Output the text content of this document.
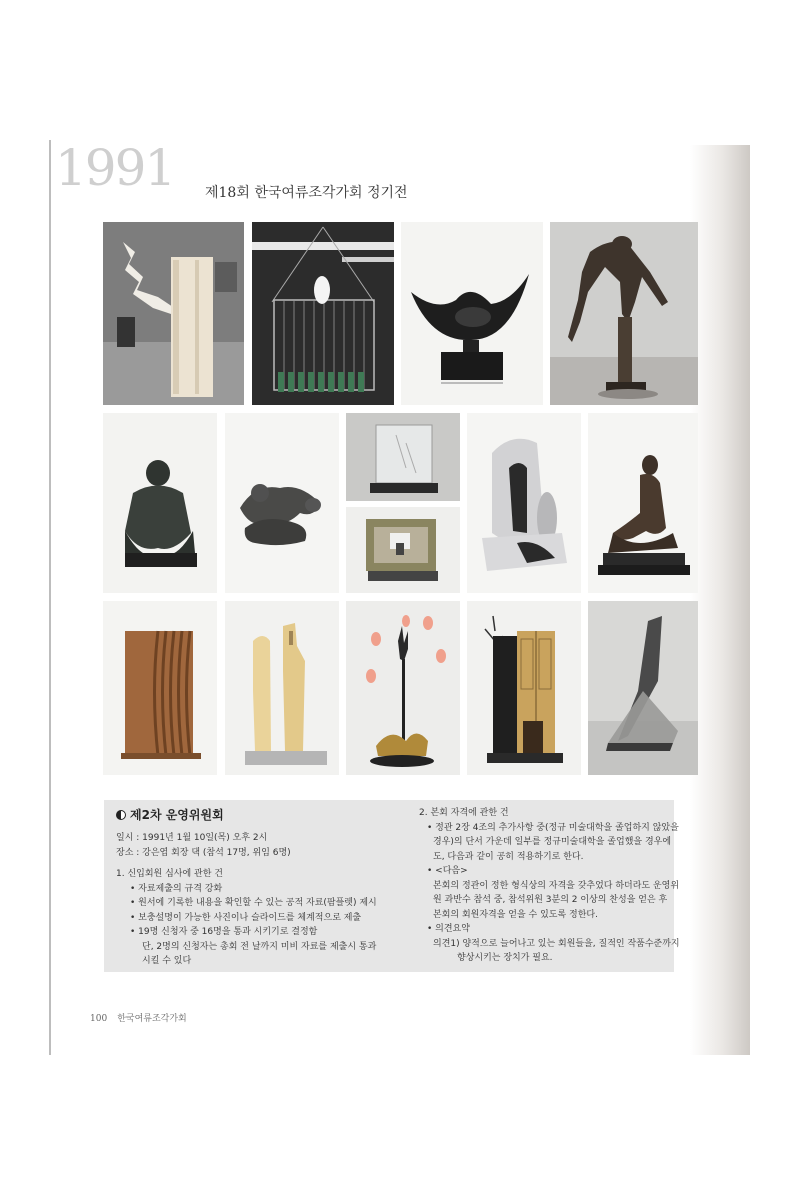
1991 제18회 한국여류조각가회 정기전

제2차 운영위원회

일시 : 1991년 1월 10일(목) 오후 2시

장소 : 강은엽 회장 댁 (참석 17명, 위임 6명)

1. 신입회원 심사에 관한 건

• 자료제출의 규격 강화

• 원서에 기록한 내용을 확인할 수 있는 공적 자료(팜플렛) 제시

• 보충설명이 가능한 사진이나 슬라이드를 체계적으로 제출

• 19명 신청자 중 16명을 통과 시키기로 결정함

단, 2명의 신청자는 총회 전 날까지 미비 자료를 제출시 통과

시킬 수 있다

2. 본회 자격에 관한 건

• 정관 2장 4조의 추가사항 중(정규 미술대학을 졸업하지 않았을

경우)의 단서 가운데 일부를 정규미술대학을 졸업했을 경우에

도, 다음과 같이 공히 적용하기로 한다.

• <다음>

본회의 정관이 정한 형식상의 자격을 갖추었다 하더라도 운영위

원 과반수 참석 중, 참석위원 3분의 2 이상의 찬성을 얻은 후

본회의 회원자격을 얻을 수 있도록 정한다.

• 의견요약

의견1) 양적으로 늘어나고 있는 회원들을, 질적인 작품수준까지

향상시키는 장치가 필요.

100 한국여류조각가회
